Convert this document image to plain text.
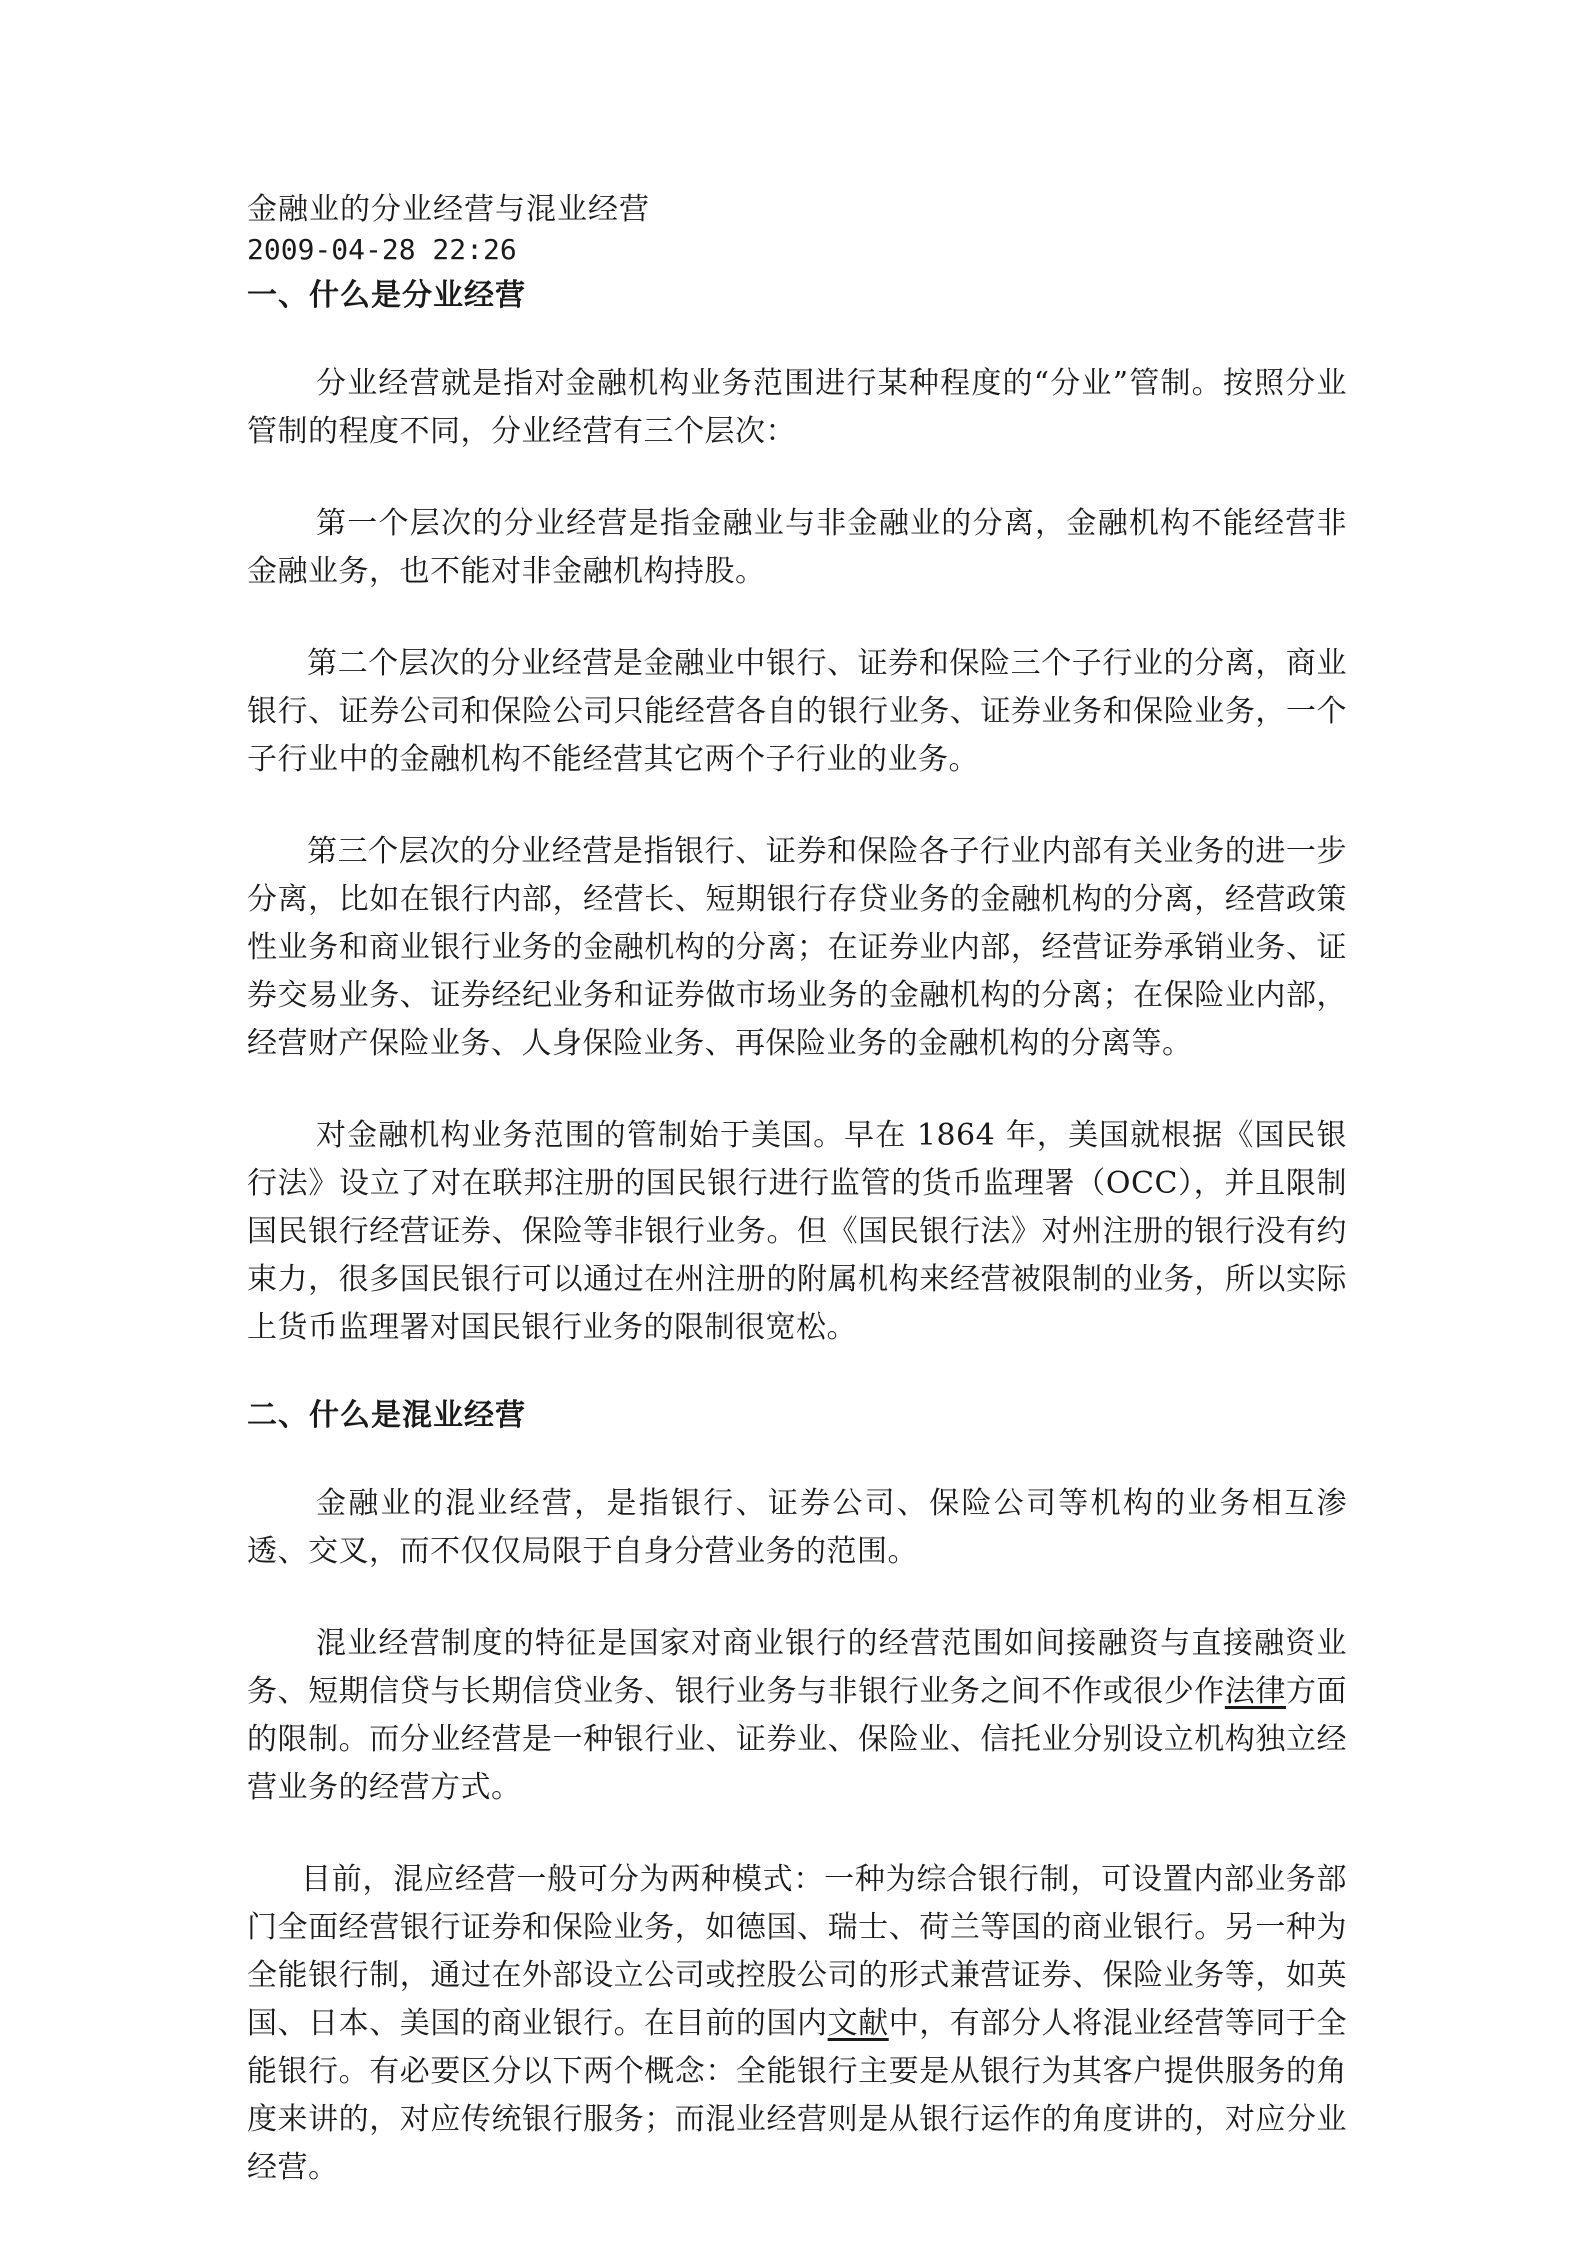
金融业的分业经营与混业经营

2009-04-28 22:26

一、什么是分业经营

分业经营就是指对金融机构业务范围进行某种程度的“分业”管制。按照分业管制的程度不同，分业经营有三个层次：

第一个层次的分业经营是指金融业与非金融业的分离，金融机构不能经营非金融业务，也不能对非金融机构持股。

第二个层次的分业经营是金融业中银行、证券和保险三个子行业的分离，商业银行、证券公司和保险公司只能经营各自的银行业务、证券业务和保险业务，一个子行业中的金融机构不能经营其它两个子行业的业务。

第三个层次的分业经营是指银行、证券和保险各子行业内部有关业务的进一步分离，比如在银行内部，经营长、短期银行存贷业务的金融机构的分离，经营政策性业务和商业银行业务的金融机构的分离；在证券业内部，经营证券承销业务、证券交易业务、证券经纪业务和证券做市场业务的金融机构的分离；在保险业内部，经营财产保险业务、人身保险业务、再保险业务的金融机构的分离等。

对金融机构业务范围的管制始于美国。早在 1864 年，美国就根据《国民银行法》设立了对在联邦注册的国民银行进行监管的货币监理署（OCC），并且限制国民银行经营证券、保险等非银行业务。但《国民银行法》对州注册的银行没有约束力，很多国民银行可以通过在州注册的附属机构来经营被限制的业务，所以实际上货币监理署对国民银行业务的限制很宽松。

二、什么是混业经营

金融业的混业经营，是指银行、证券公司、保险公司等机构的业务相互渗透、交叉，而不仅仅局限于自身分营业务的范围。

混业经营制度的特征是国家对商业银行的经营范围如间接融资与直接融资业务、短期信贷与长期信贷业务、银行业务与非银行业务之间不作或很少作法律方面的限制。而分业经营是一种银行业、证券业、保险业、信托业分别设立机构独立经营业务的经营方式。

目前，混应经营一般可分为两种模式：一种为综合银行制，可设置内部业务部门全面经营银行证券和保险业务，如德国、瑞士、荷兰等国的商业银行。另一种为全能银行制，通过在外部设立公司或控股公司的形式兼营证券、保险业务等，如英国、日本、美国的商业银行。在目前的国内文献中，有部分人将混业经营等同于全能银行。有必要区分以下两个概念：全能银行主要是从银行为其客户提供服务的角度来讲的，对应传统银行服务；而混业经营则是从银行运作的角度讲的，对应分业经营。
